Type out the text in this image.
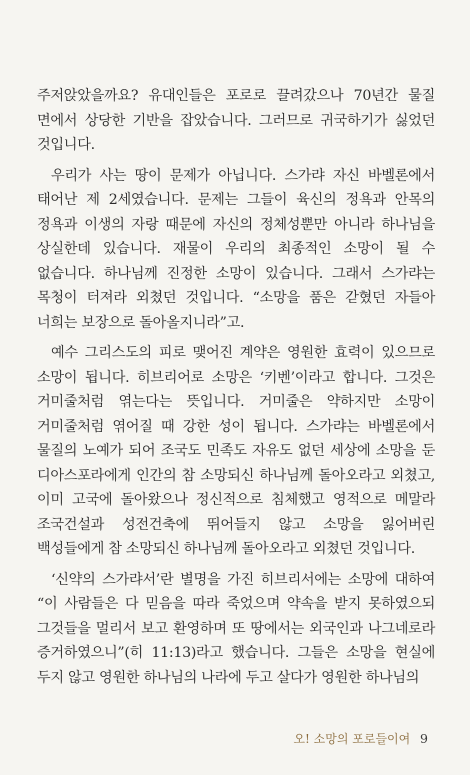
주저앉았을까요? 유대인들은 포로로 끌려갔으나 70년간 물질 면에서 상당한 기반을 잡았습니다. 그러므로 귀국하기가 싫었던 것입니다.

우리가 사는 땅이 문제가 아닙니다. 스가랴 자신 바벨론에서 태어난 제 2세였습니다. 문제는 그들이 육신의 정욕과 안목의 정욕과 이생의 자랑 때문에 자신의 정체성뿐만 아니라 하나님을 상실한데 있습니다. 재물이 우리의 최종적인 소망이 될 수 없습니다. 하나님께 진정한 소망이 있습니다. 그래서 스가랴는 목청이 터져라 외쳤던 것입니다. “소망을 품은 갇혔던 자들아 너희는 보장으로 돌아올지니라”고.

예수 그리스도의 피로 맺어진 계약은 영원한 효력이 있으므로 소망이 됩니다. 히브리어로 소망은 ‘키벤’이라고 합니다. 그것은 거미줄처럼 엮는다는 뜻입니다. 거미줄은 약하지만 소망이 거미줄처럼 엮어질 때 강한 성이 됩니다. 스가랴는 바벨론에서 물질의 노예가 되어 조국도 민족도 자유도 없던 세상에 소망을 둔 디아스포라에게 인간의 참 소망되신 하나님께 돌아오라고 외쳤고, 이미 고국에 돌아왔으나 정신적으로 침체했고 영적으로 메말라 조국건설과 성전건축에 뛰어들지 않고 소망을 잃어버린 백성들에게 참 소망되신 하나님께 돌아오라고 외쳤던 것입니다.

‘신약의 스가랴서’란 별명을 가진 히브리서에는 소망에 대하여 “이 사람들은 다 믿음을 따라 죽었으며 약속을 받지 못하였으되 그것들을 멀리서 보고 환영하며 또 땅에서는 외국인과 나그네로라 증거하였으니”(히 11:13)라고 했습니다. 그들은 소망을 현실에 두지 않고 영원한 하나님의 나라에 두고 살다가 영원한 하나님의

오! 소망의 포로들이여 9
